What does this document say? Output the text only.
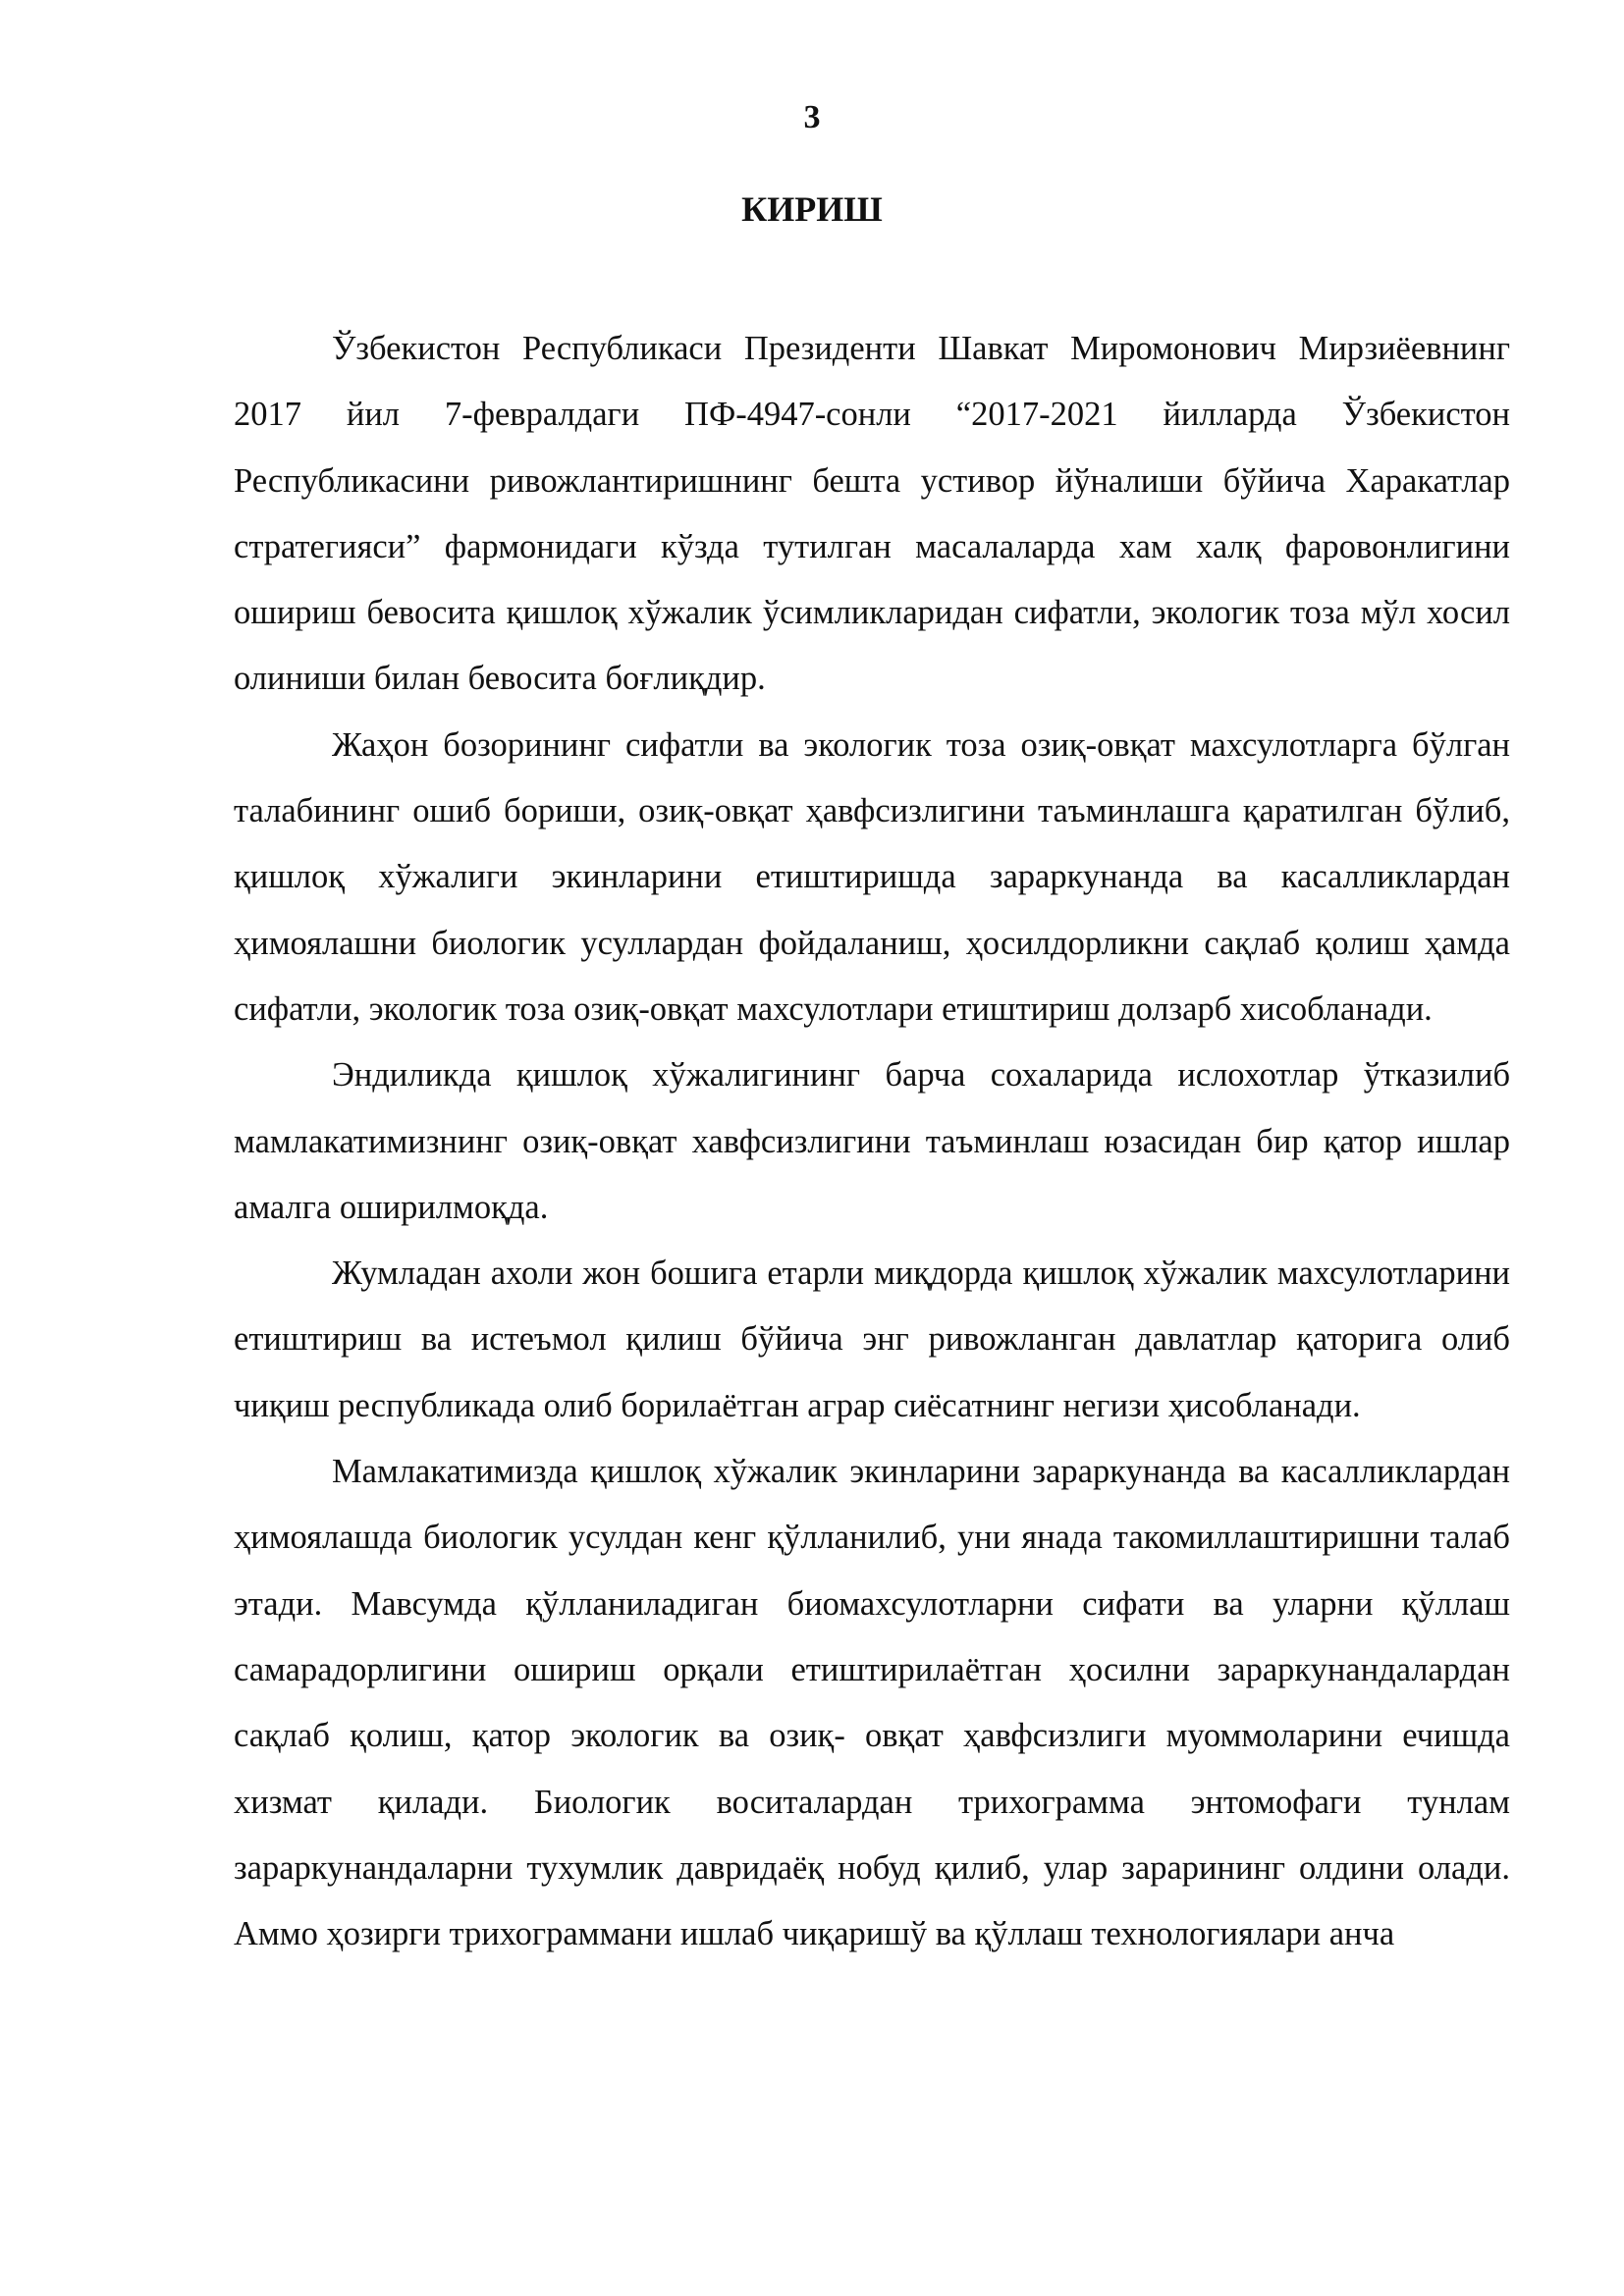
3
КИРИШ

Ўзбекистон Республикаси Президенти Шавкат Миромонович Мирзиёевнинг 2017 йил 7-февралдаги ПФ-4947-сонли “2017-2021 йилларда Ўзбекистон Республикасини ривожлантиришнинг бешта устивор йўналиши бўйича Харакатлар стратегияси” фармонидаги кўзда тутилган масалаларда хам халқ фаровонлигини ошириш бевосита қишлоқ хўжалик ўсимликларидан сифатли, экологик тоза мўл хосил олиниши билан бевосита боғлиқдир.

Жаҳон бозорининг сифатли ва экологик тоза озиқ-овқат махсулотларга бўлган талабининг ошиб бориши, озиқ-овқат ҳавфсизлигини таъминлашга қаратилган бўлиб, қишлоқ хўжалиги экинларини етиштиришда зараркунанда ва касалликлардан ҳимоялашни биологик усуллардан фойдаланиш, ҳосилдорликни сақлаб қолиш ҳамда сифатли, экологик тоза озиқ-овқат махсулотлари етиштириш долзарб хисобланади.

Эндиликда қишлоқ хўжалигининг барча сохаларида ислохотлар ўтказилиб мамлакатимизнинг озиқ-овқат хавфсизлигини таъминлаш юзасидан бир қатор ишлар амалга оширилмоқда.

Жумладан ахоли жон бошига етарли миқдорда қишлоқ хўжалик махсулотларини етиштириш ва истеъмол қилиш бўйича энг ривожланган давлатлар қаторига олиб чиқиш республикада олиб борилаётган аграр сиёсатнинг негизи ҳисобланади.

Мамлакатимизда қишлоқ хўжалик экинларини зараркунанда ва касалликлардан ҳимоялашда биологик усулдан кенг қўлланилиб, уни янада такомиллаштиришни талаб этади. Мавсумда қўлланиладиган биомахсулотларни сифати ва уларни қўллаш самарадорлигини ошириш орқали етиштирилаётган ҳосилни зараркунандалардан сақлаб қолиш, қатор экологик ва озиқ- овқат ҳавфсизлиги муоммоларини ечишда хизмат қилади. Биологик воситалардан трихограмма энтомофаги тунлам зараркунандаларни тухумлик давридаёқ нобуд қилиб, улар зарарининг олдини олади. Аммо ҳозирги трихограммани ишлаб чиқаришў ва қўллаш технологиялари анча
